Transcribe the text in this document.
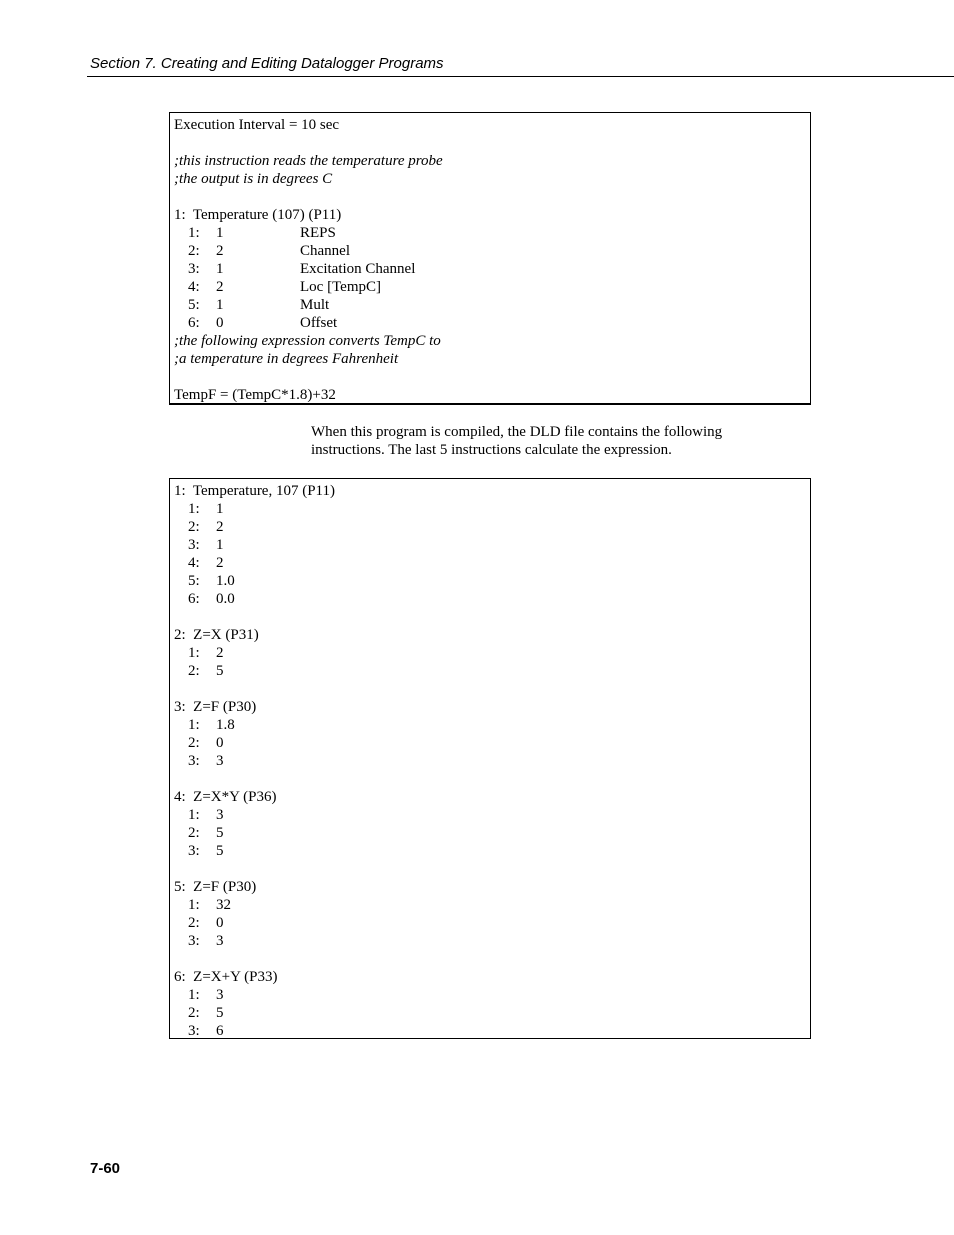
Section 7. Creating and Editing Datalogger Programs
Execution Interval = 10 sec
;this instruction reads the temperature probe
;the output is in degrees C
1:  Temperature (107) (P11)
1: 1	REPS
2: 2	Channel
3: 1	Excitation Channel
4: 2	Loc [TempC]
5: 1	Mult
6: 0	Offset
;the following expression converts TempC to
;a temperature in degrees Fahrenheit
TempF = (TempC*1.8)+32
When this program is compiled, the DLD file contains the following
instructions. The last 5 instructions calculate the expression.
1:  Temperature, 107 (P11)
1: 1
2: 2
3: 1
4: 2
5: 1.0
6: 0.0
2:  Z=X (P31)
1: 2
2: 5
3:  Z=F (P30)
1: 1.8
2: 0
3: 3
4:  Z=X*Y (P36)
1: 3
2: 5
3: 5
5:  Z=F (P30)
1: 32
2: 0
3: 3
6:  Z=X+Y (P33)
1: 3
2: 5
3: 6
7-60
